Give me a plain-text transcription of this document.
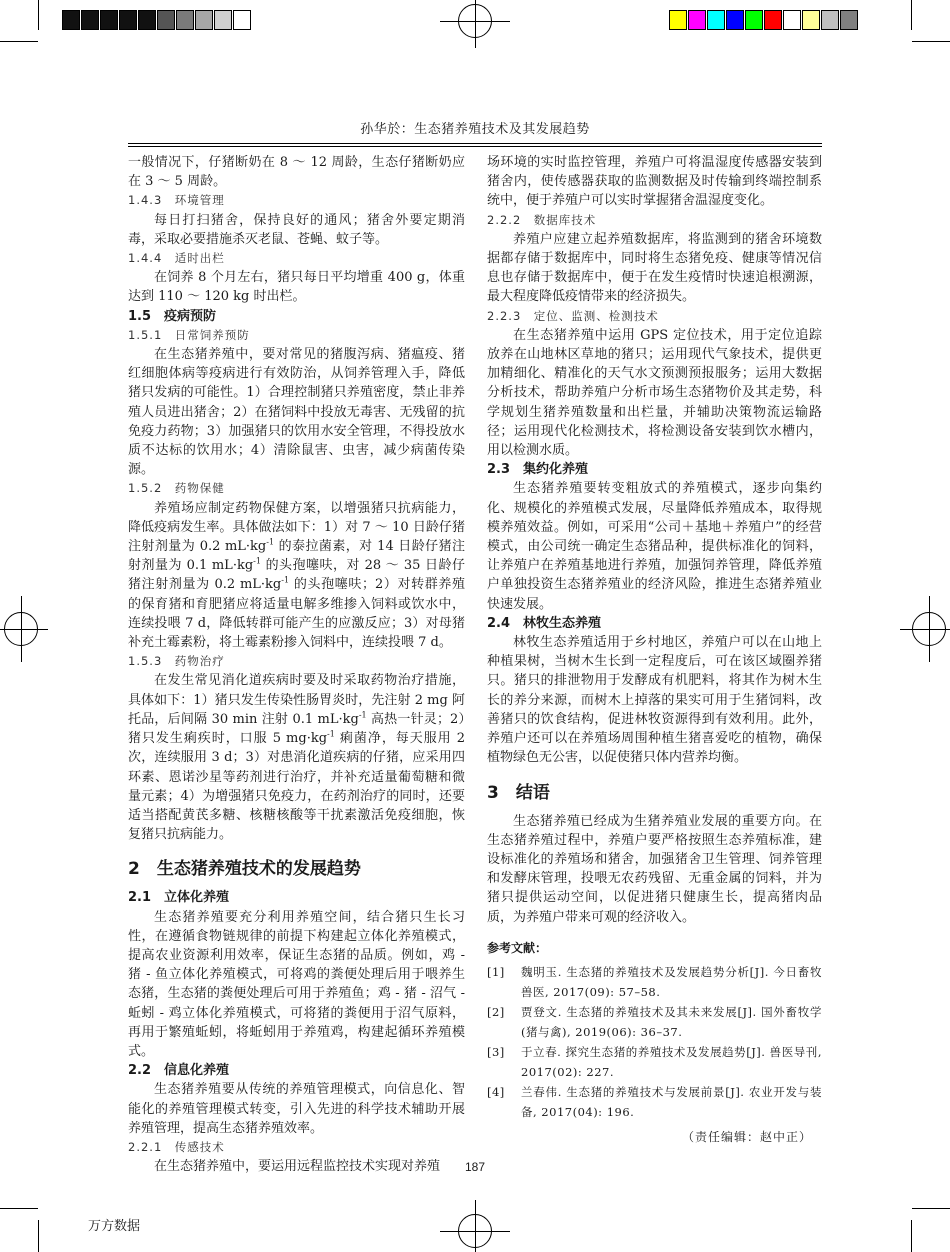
孙华於：生态猪养殖技术及其发展趋势

一般情况下，仔猪断奶在 8 ～ 12 周龄，生态仔猪断奶应在 3 ～ 5 周龄。

1.4.3　环境管理

每日打扫猪舍，保持良好的通风；猪舍外要定期消毒，采取必要措施杀灭老鼠、苍蝇、蚊子等。

1.4.4　适时出栏

在饲养 8 个月左右，猪只每日平均增重 400 g，体重达到 110 ～ 120 kg 时出栏。

1.5　疫病预防
1.5.1　日常饲养预防

在生态猪养殖中，要对常见的猪腹泻病、猪瘟疫、猪红细胞体病等疫病进行有效防治，从饲养管理入手，降低猪只发病的可能性。1）合理控制猪只养殖密度，禁止非养殖人员进出猪舍；2）在猪饲料中投放无毒害、无残留的抗免疫力药物；3）加强猪只的饮用水安全管理，不得投放水质不达标的饮用水；4）清除鼠害、虫害，减少病菌传染源。

1.5.2　药物保健

养殖场应制定药物保健方案，以增强猪只抗病能力，降低疫病发生率。具体做法如下：1）对 7 ～ 10 日龄仔猪注射剂量为 0.2 $mL\cdot kg^{-1}$ 的泰拉菌素，对 14 日龄仔猪注射剂量为 0.1 $mL\cdot kg^{-1}$ 的头孢噻呋，对 28 ～ 35 日龄仔猪注射剂量为 0.2 $mL\cdot kg^{-1}$ 的头孢噻呋；2）对转群养殖的保育猪和育肥猪应将适量电解多维掺入饲料或饮水中，连续投喂 7 d，降低转群可能产生的应激反应；3）对母猪补充土霉素粉，将土霉素粉掺入饲料中，连续投喂 7 d。

1.5.3　药物治疗

在发生常见消化道疾病时要及时采取药物治疗措施，具体如下：1）猪只发生传染性肠胃炎时，先注射 2 mg 阿托品，后间隔 30 min 注射 0.1 $mL\cdot kg^{-1}$ 高热一针灵；2）猪只发生痢疾时，口服 5 $mg\cdot kg^{-1}$ 痢菌净，每天服用 2 次，连续服用 3 d；3）对患消化道疾病的仔猪，应采用四环素、恩诺沙星等药剂进行治疗，并补充适量葡萄糖和微量元素；4）为增强猪只免疫力，在药剂治疗的同时，还要适当搭配黄芪多糖、核糖核酸等干扰素激活免疫细胞，恢复猪只抗病能力。

2　生态猪养殖技术的发展趋势
2.1　立体化养殖

生态猪养殖要充分利用养殖空间，结合猪只生长习性，在遵循食物链规律的前提下构建起立体化养殖模式，提高农业资源利用效率，保证生态猪的品质。例如，鸡 - 猪 - 鱼立体化养殖模式，可将鸡的粪便处理后用于喂养生态猪，生态猪的粪便处理后可用于养殖鱼；鸡 - 猪 - 沼气 - 蚯蚓 - 鸡立体化养殖模式，可将猪的粪便用于沼气原料，再用于繁殖蚯蚓，将蚯蚓用于养殖鸡，构建起循环养殖模式。

2.2　信息化养殖

生态猪养殖要从传统的养殖管理模式，向信息化、智能化的养殖管理模式转变，引入先进的科学技术辅助开展养殖管理，提高生态猪养殖效率。

2.2.1　传感技术

在生态猪养殖中，要运用远程监控技术实现对养殖

场环境的实时监控管理，养殖户可将温湿度传感器安装到猪舍内，使传感器获取的监测数据及时传输到终端控制系统中，便于养殖户可以实时掌握猪舍温湿度变化。

2.2.2　数据库技术

养殖户应建立起养殖数据库，将监测到的猪舍环境数据都存储于数据库中，同时将生态猪免疫、健康等情况信息也存储于数据库中，便于在发生疫情时快速追根溯源，最大程度降低疫情带来的经济损失。

2.2.3　定位、监测、检测技术

在生态猪养殖中运用 GPS 定位技术，用于定位追踪放养在山地林区草地的猪只；运用现代气象技术，提供更加精细化、精准化的天气水文预测预报服务；运用大数据分析技术，帮助养殖户分析市场生态猪物价及其走势，科学规划生猪养殖数量和出栏量，并辅助决策物流运输路径；运用现代化检测技术，将检测设备安装到饮水槽内，用以检测水质。

2.3　集约化养殖

生态猪养殖要转变粗放式的养殖模式，逐步向集约化、规模化的养殖模式发展，尽量降低养殖成本，取得规模养殖效益。例如，可采用“公司＋基地＋养殖户”的经营模式，由公司统一确定生态猪品种，提供标准化的饲料，让养殖户在养殖基地进行养殖，加强饲养管理，降低养殖户单独投资生态猪养殖业的经济风险，推进生态猪养殖业快速发展。

2.4　林牧生态养殖

林牧生态养殖适用于乡村地区，养殖户可以在山地上种植果树，当树木生长到一定程度后，可在该区域圈养猪只。猪只的排泄物用于发酵成有机肥料，将其作为树木生长的养分来源，而树木上掉落的果实可用于生猪饲料，改善猪只的饮食结构，促进林牧资源得到有效利用。此外，养殖户还可以在养殖场周围种植生猪喜爱吃的植物，确保植物绿色无公害，以促使猪只体内营养均衡。

3　结语

生态猪养殖已经成为生猪养殖业发展的重要方向。在生态猪养殖过程中，养殖户要严格按照生态养殖标准，建设标准化的养殖场和猪舍，加强猪舍卫生管理、饲养管理和发酵床管理，投喂无农药残留、无重金属的饲料，并为猪只提供运动空间，以促进猪只健康生长，提高猪肉品质，为养殖户带来可观的经济收入。

参考文献：
[1]	魏明玉. 生态猪的养殖技术及发展趋势分析[J]. 今日畜牧兽医, 2017(09): 57–58.
[2]	贾登文. 生态猪的养殖技术及其未来发展[J]. 国外畜牧学(猪与禽), 2019(06): 36–37.
[3]	于立春. 探究生态猪的养殖技术及发展趋势[J]. 兽医导刊, 2017(02): 227.
[4]	兰春伟. 生态猪的养殖技术与发展前景[J]. 农业开发与装备, 2017(04): 196.
（责任编辑：赵中正）
187
万方数据
